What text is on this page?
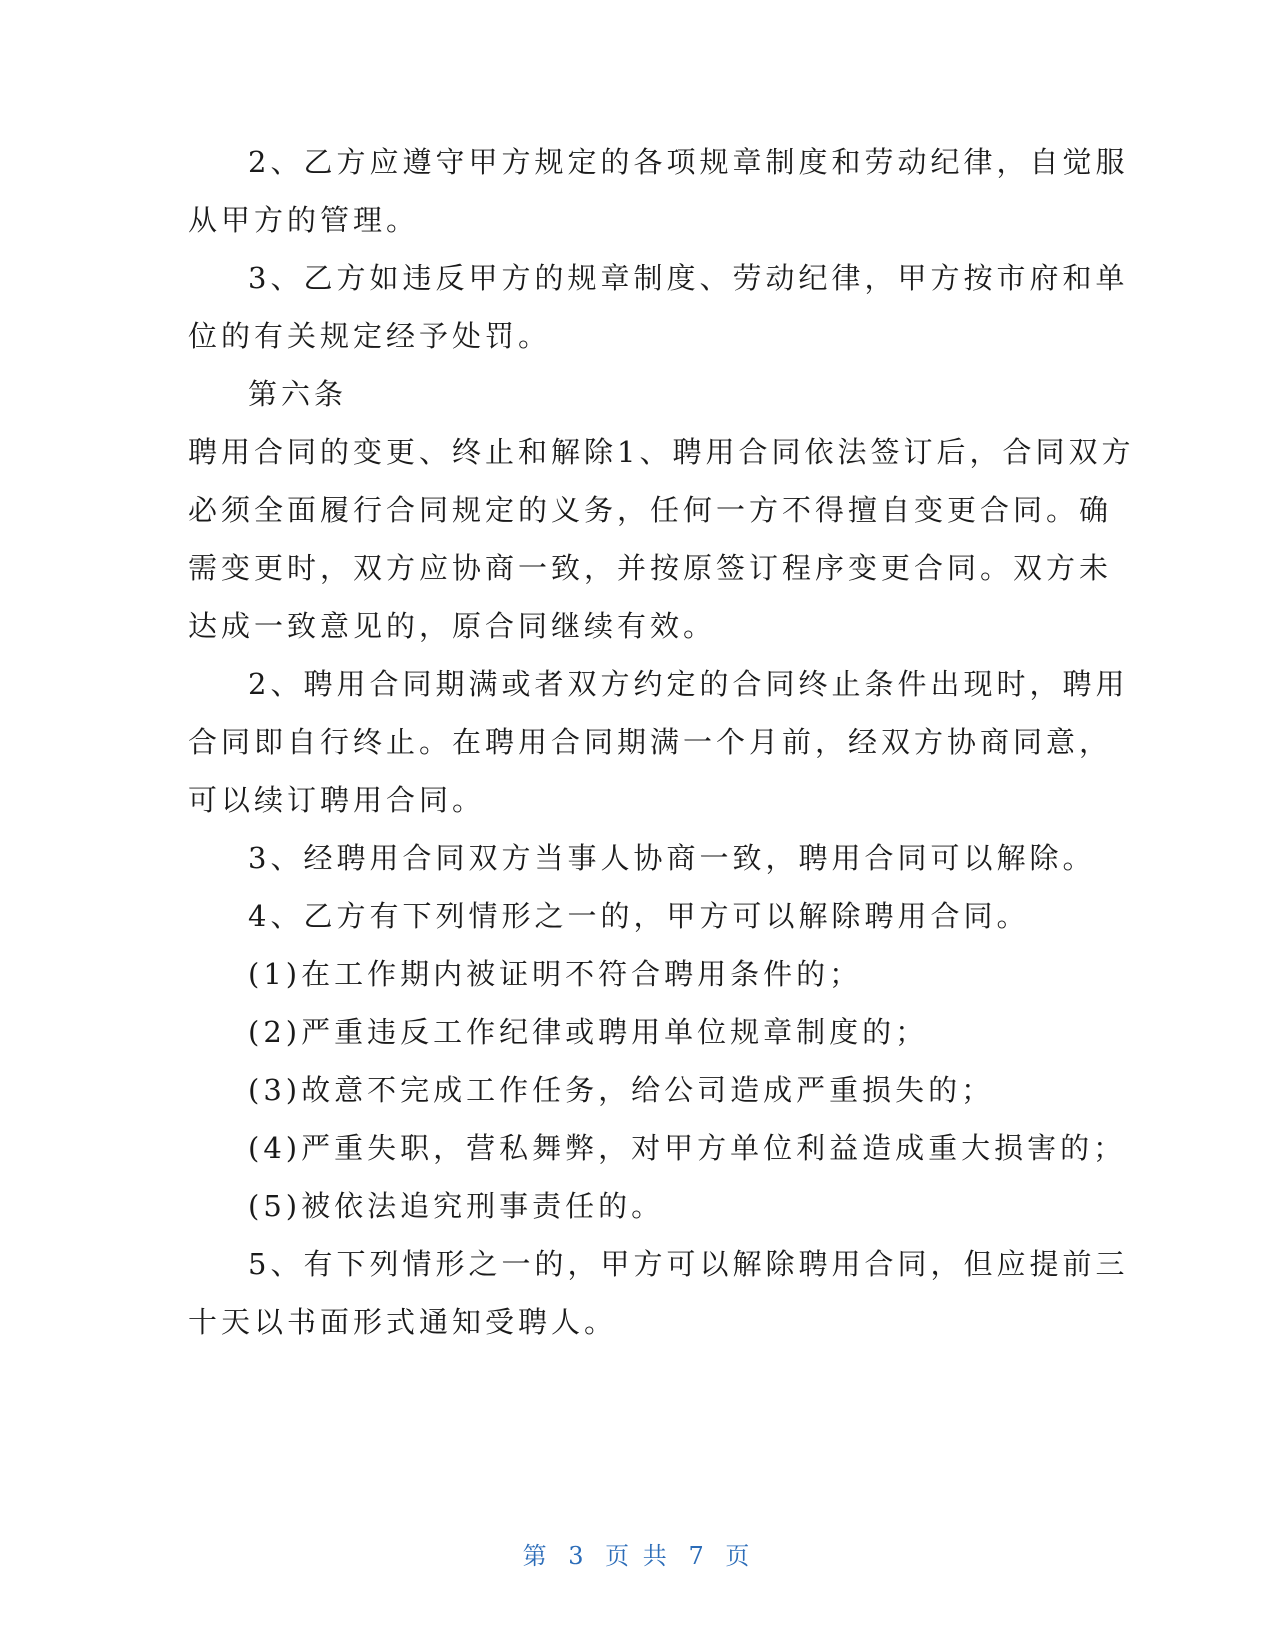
2、乙方应遵守甲方规定的各项规章制度和劳动纪律，自觉服
从甲方的管理。
3、乙方如违反甲方的规章制度、劳动纪律，甲方按市府和单
位的有关规定经予处罚。
第六条
聘用合同的变更、终止和解除1、聘用合同依法签订后，合同双方
必须全面履行合同规定的义务，任何一方不得擅自变更合同。确
需变更时，双方应协商一致，并按原签订程序变更合同。双方未
达成一致意见的，原合同继续有效。
2、聘用合同期满或者双方约定的合同终止条件出现时，聘用
合同即自行终止。在聘用合同期满一个月前，经双方协商同意，
可以续订聘用合同。
3、经聘用合同双方当事人协商一致，聘用合同可以解除。
4、乙方有下列情形之一的，甲方可以解除聘用合同。
(1)在工作期内被证明不符合聘用条件的；
(2)严重违反工作纪律或聘用单位规章制度的；
(3)故意不完成工作任务，给公司造成严重损失的；
(4)严重失职，营私舞弊，对甲方单位利益造成重大损害的；
(5)被依法追究刑事责任的。
5、有下列情形之一的，甲方可以解除聘用合同，但应提前三
十天以书面形式通知受聘人。
第 3 页 共 7 页
